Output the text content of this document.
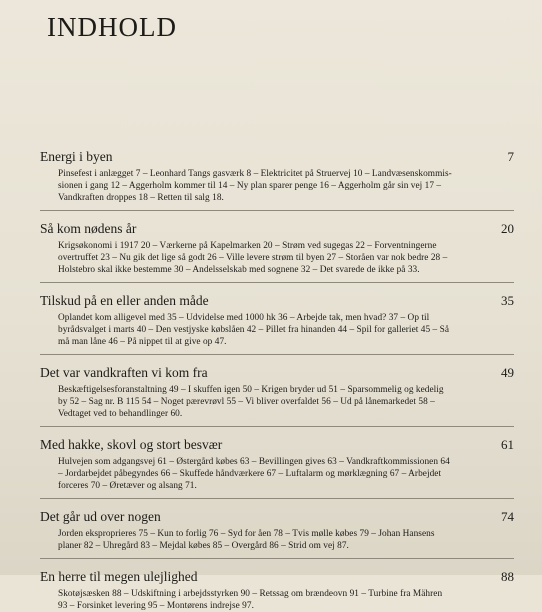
INDHOLD
Energi i byen	7
Pinsefest i anlægget 7 – Leonhard Tangs gasværk 8 – Elektricitet på Struervej 10 – Landvæsenskommis-
sionen i gang 12 – Aggerholm kommer til 14 – Ny plan sparer penge 16 – Aggerholm går sin vej 17 –
Vandkraften droppes 18 – Retten til salg 18.
Så kom nødens år	20
Krigsøkonomi i 1917 20 – Værkerne på Kapelmarken 20 – Strøm ved sugegas 22 – Forventningerne
overtruffet 23 – Nu gik det lige så godt 26 – Ville levere strøm til byen 27 – Storåen var nok bedre 28 –
Holstebro skal ikke bestemme 30 – Andelsselskab med sognene 32 – Det svarede de ikke på 33.
Tilskud på en eller anden måde	35
Oplandet kom alligevel med 35 – Udvidelse med 1000 hk 36 – Arbejde tak, men hvad? 37 – Op til
byrådsvalget i marts 40 – Den vestjyske købslåen 42 – Pillet fra hinanden 44 – Spil for galleriet 45 – Så
må man låne 46 – På nippet til at give op 47.
Det var vandkraften vi kom fra	49
Beskæftigelsesforanstaltning 49 – I skuffen igen 50 – Krigen bryder ud 51 – Sparsommelig og kedelig
by 52 – Sag nr. B 115 54 – Noget pærevrøvl 55 – Vi bliver overfaldet 56 – Ud på lånemarkedet 58 –
Vedtaget ved to behandlinger 60.
Med hakke, skovl og stort besvær	61
Hulvejen som adgangsvej 61 – Østergård købes 63 – Bevillingen gives 63 – Vandkraftkommissionen 64
– Jordarbejdet påbegyndes 66 – Skuffede håndværkere 67 – Luftalarm og mørklægning 67 – Arbejdet
forceres 70 – Øretæver og alsang 71.
Det går ud over nogen	74
Jorden eksproprieres 75 – Kun to forlig 76 – Syd for åen 78 – Tvis mølle købes 79 – Johan Hansens
planer 82 – Uhregård 83 – Mejdal købes 85 – Overgård 86 – Strid om vej 87.
En herre til megen ulejlighed	88
Skotøjsæsken 88 – Udskiftning i arbejdsstyrken 90 – Retssag om brændeovn 91 – Turbine fra Mähren
93 – Forsinket levering 95 – Montørens indrejse 97.
